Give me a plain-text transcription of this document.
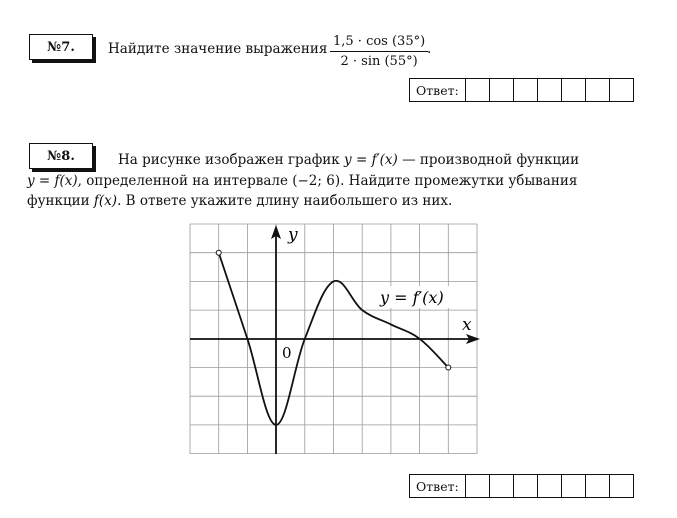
№7. Найдите значение выражения $\frac{1,5 \cdot \cos (35^\circ)}{2 \cdot \sin (55^\circ)}$
.
Ответ:
№8.	На рисунке изображен график y = f′(x) — производной функции
y = f(x), определенной на интервале (−2; 6). Найдите промежутки убывания
функции f(x). В ответе укажите длину наибольшего из них.
y
x
0
y = f′(x)
Ответ:
